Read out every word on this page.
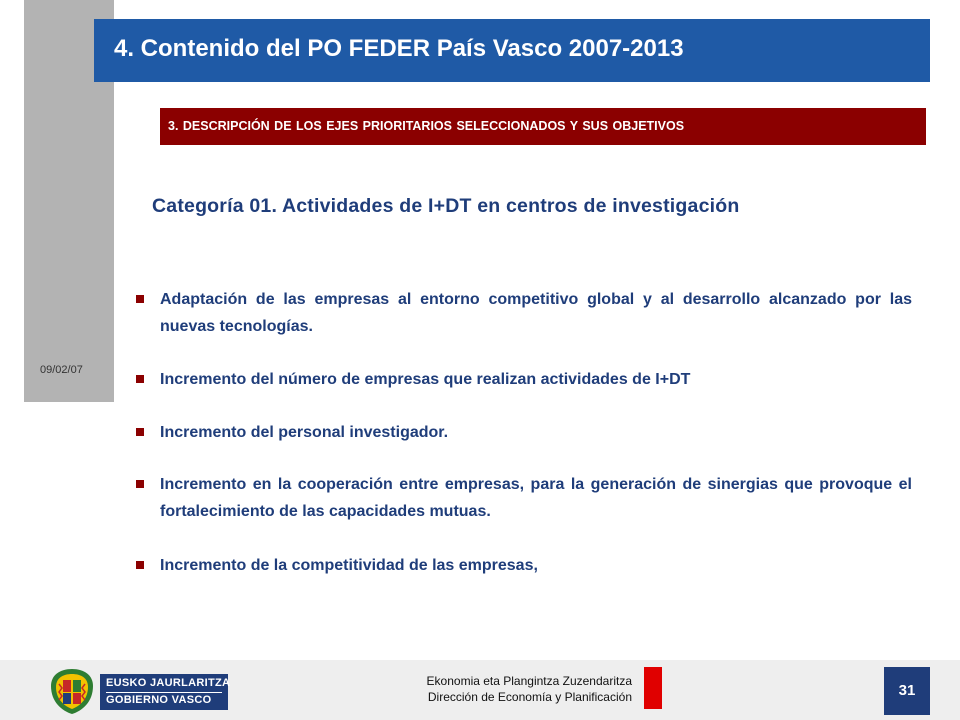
09/02/07
4. Contenido del PO FEDER País Vasco 2007-2013
3. DESCRIPCIÓN DE LOS EJES PRIORITARIOS SELECCIONADOS Y SUS OBJETIVOS
Categoría 01. Actividades de I+DT en centros de investigación
Adaptación de las empresas al entorno competitivo global y al desarrollo alcanzado por las nuevas tecnologías.
Incremento del número de empresas que realizan actividades de I+DT
Incremento del personal investigador.
Incremento en la cooperación entre empresas, para la generación de sinergias que provoque el fortalecimiento de las capacidades mutuas.
Incremento de la competitividad de las empresas,
EUSKO JAURLARITZA
GOBIERNO VASCO
Ekonomia eta Plangintza Zuzendaritza
Dirección de Economía y Planificación	31
